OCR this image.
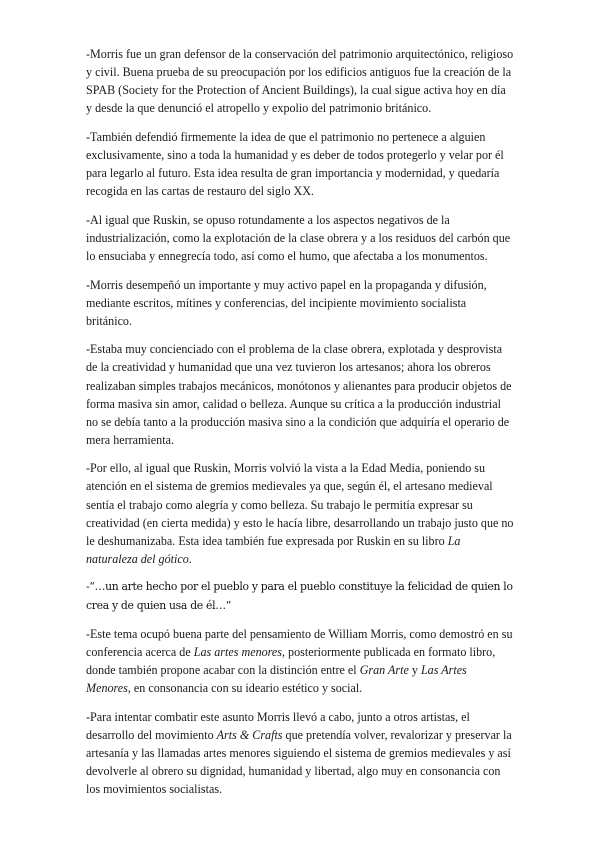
-Morris fue un gran defensor de la conservación del patrimonio arquitectónico, religioso y civil. Buena prueba de su preocupación por los edificios antiguos fue la creación de la SPAB (Society for the Protection of Ancient Buildings), la cual sigue activa hoy en día y desde la que denunció el atropello y expolio del patrimonio británico.

-También defendió firmemente la idea de que el patrimonio no pertenece a alguien exclusivamente, sino a toda la humanidad y es deber de todos protegerlo y velar por él para legarlo al futuro. Esta idea resulta de gran importancia y modernidad, y quedaría recogida en las cartas de restauro del siglo XX.

-Al igual que Ruskin, se opuso rotundamente a los aspectos negativos de la industrialización, como la explotación de la clase obrera y a los residuos del carbón que lo ensuciaba y ennegrecía todo, así como el humo, que afectaba a los monumentos.

-Morris desempeñó un importante y muy activo papel en la propaganda y difusión, mediante escritos, mítines y conferencias, del incipiente movimiento socialista británico.

-Estaba muy concienciado con el problema de la clase obrera, explotada y desprovista de la creatividad y humanidad que una vez tuvieron los artesanos; ahora los obreros realizaban simples trabajos mecánicos, monótonos y alienantes para producir objetos de forma masiva sin amor, calidad o belleza. Aunque su crítica a la producción industrial no se debía tanto a la producción masiva sino a la condición que adquiría el operario de mera herramienta.

-Por ello, al igual que Ruskin, Morris volvió la vista a la Edad Media, poniendo su atención en el sistema de gremios medievales ya que, según él, el artesano medieval sentía el trabajo como alegría y como belleza. Su trabajo le permitía expresar su creatividad (en cierta medida) y esto le hacía libre, desarrollando un trabajo justo que no le deshumanizaba. Esta idea también fue expresada por Ruskin en su libro La naturaleza del gótico.

-“…un arte hecho por el pueblo y para el pueblo constituye la felicidad de quien lo crea y de quien usa de él…”

-Este tema ocupó buena parte del pensamiento de William Morris, como demostró en su conferencia acerca de Las artes menores, posteriormente publicada en formato libro, donde también propone acabar con la distinción entre el Gran Arte y Las Artes Menores, en consonancia con su ideario estético y social.

-Para intentar combatir este asunto Morris llevó a cabo, junto a otros artistas, el desarrollo del movimiento Arts & Crafts que pretendía volver, revalorizar y preservar la artesanía y las llamadas artes menores siguiendo el sistema de gremios medievales y así devolverle al obrero su dignidad, humanidad y libertad, algo muy en consonancia con los movimientos socialistas.
